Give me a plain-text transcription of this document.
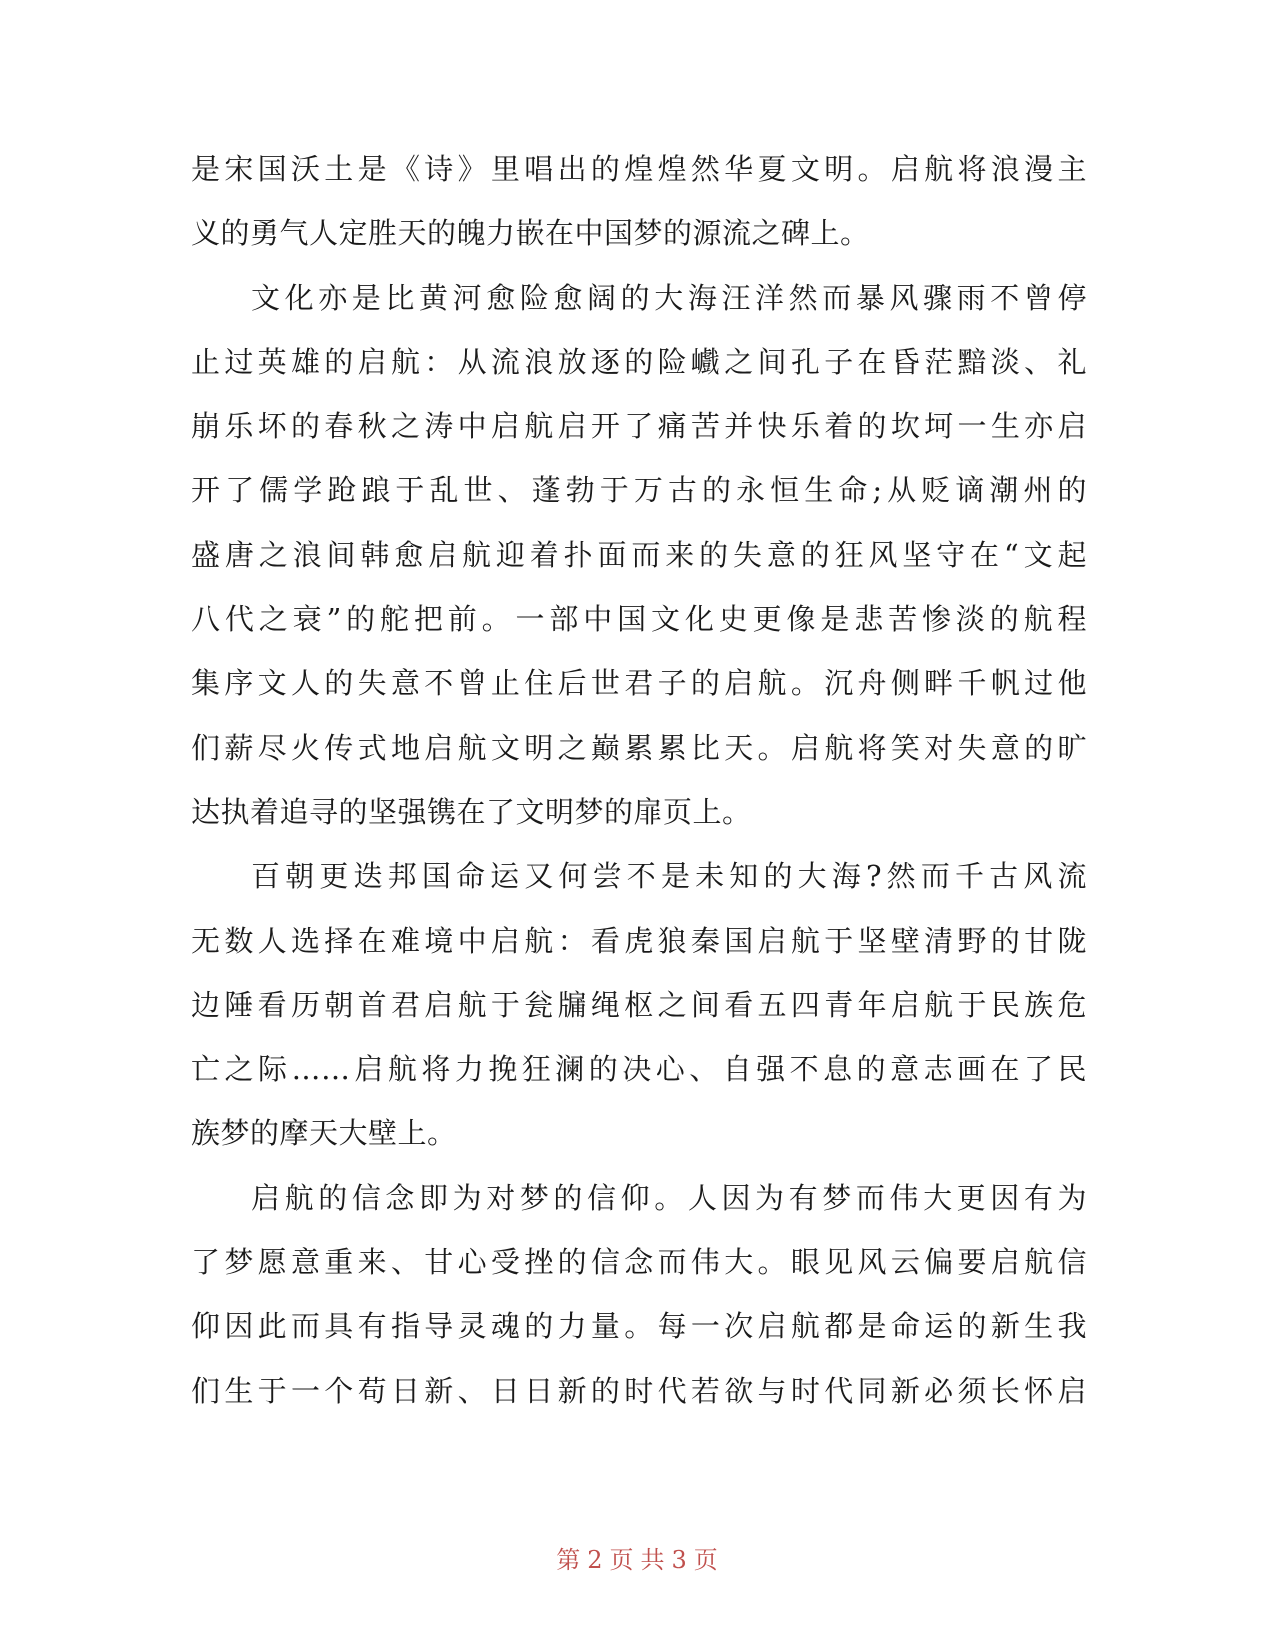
是宋国沃土是《诗》里唱出的煌煌然华夏文明。启航将浪漫主
义的勇气人定胜天的魄力嵌在中国梦的源流之碑上。
文化亦是比黄河愈险愈阔的大海汪洋然而暴风骤雨不曾停
止过英雄的启航：从流浪放逐的险巇之间孔子在昏茫黯淡、礼
崩乐坏的春秋之涛中启航启开了痛苦并快乐着的坎坷一生亦启
开了儒学跄踉于乱世、蓬勃于万古的永恒生命;从贬谪潮州的
盛唐之浪间韩愈启航迎着扑面而来的失意的狂风坚守在“文起
八代之衰”的舵把前。一部中国文化史更像是悲苦惨淡的航程
集序文人的失意不曾止住后世君子的启航。沉舟侧畔千帆过他
们薪尽火传式地启航文明之巅累累比天。启航将笑对失意的旷
达执着追寻的坚强镌在了文明梦的扉页上。
百朝更迭邦国命运又何尝不是未知的大海?然而千古风流
无数人选择在难境中启航：看虎狼秦国启航于坚壁清野的甘陇
边陲看历朝首君启航于瓮牖绳枢之间看五四青年启航于民族危
亡之际……启航将力挽狂澜的决心、自强不息的意志画在了民
族梦的摩天大壁上。
启航的信念即为对梦的信仰。人因为有梦而伟大更因有为
了梦愿意重来、甘心受挫的信念而伟大。眼见风云偏要启航信
仰因此而具有指导灵魂的力量。每一次启航都是命运的新生我
们生于一个苟日新、日日新的时代若欲与时代同新必须长怀启
第 2 页 共 3 页
